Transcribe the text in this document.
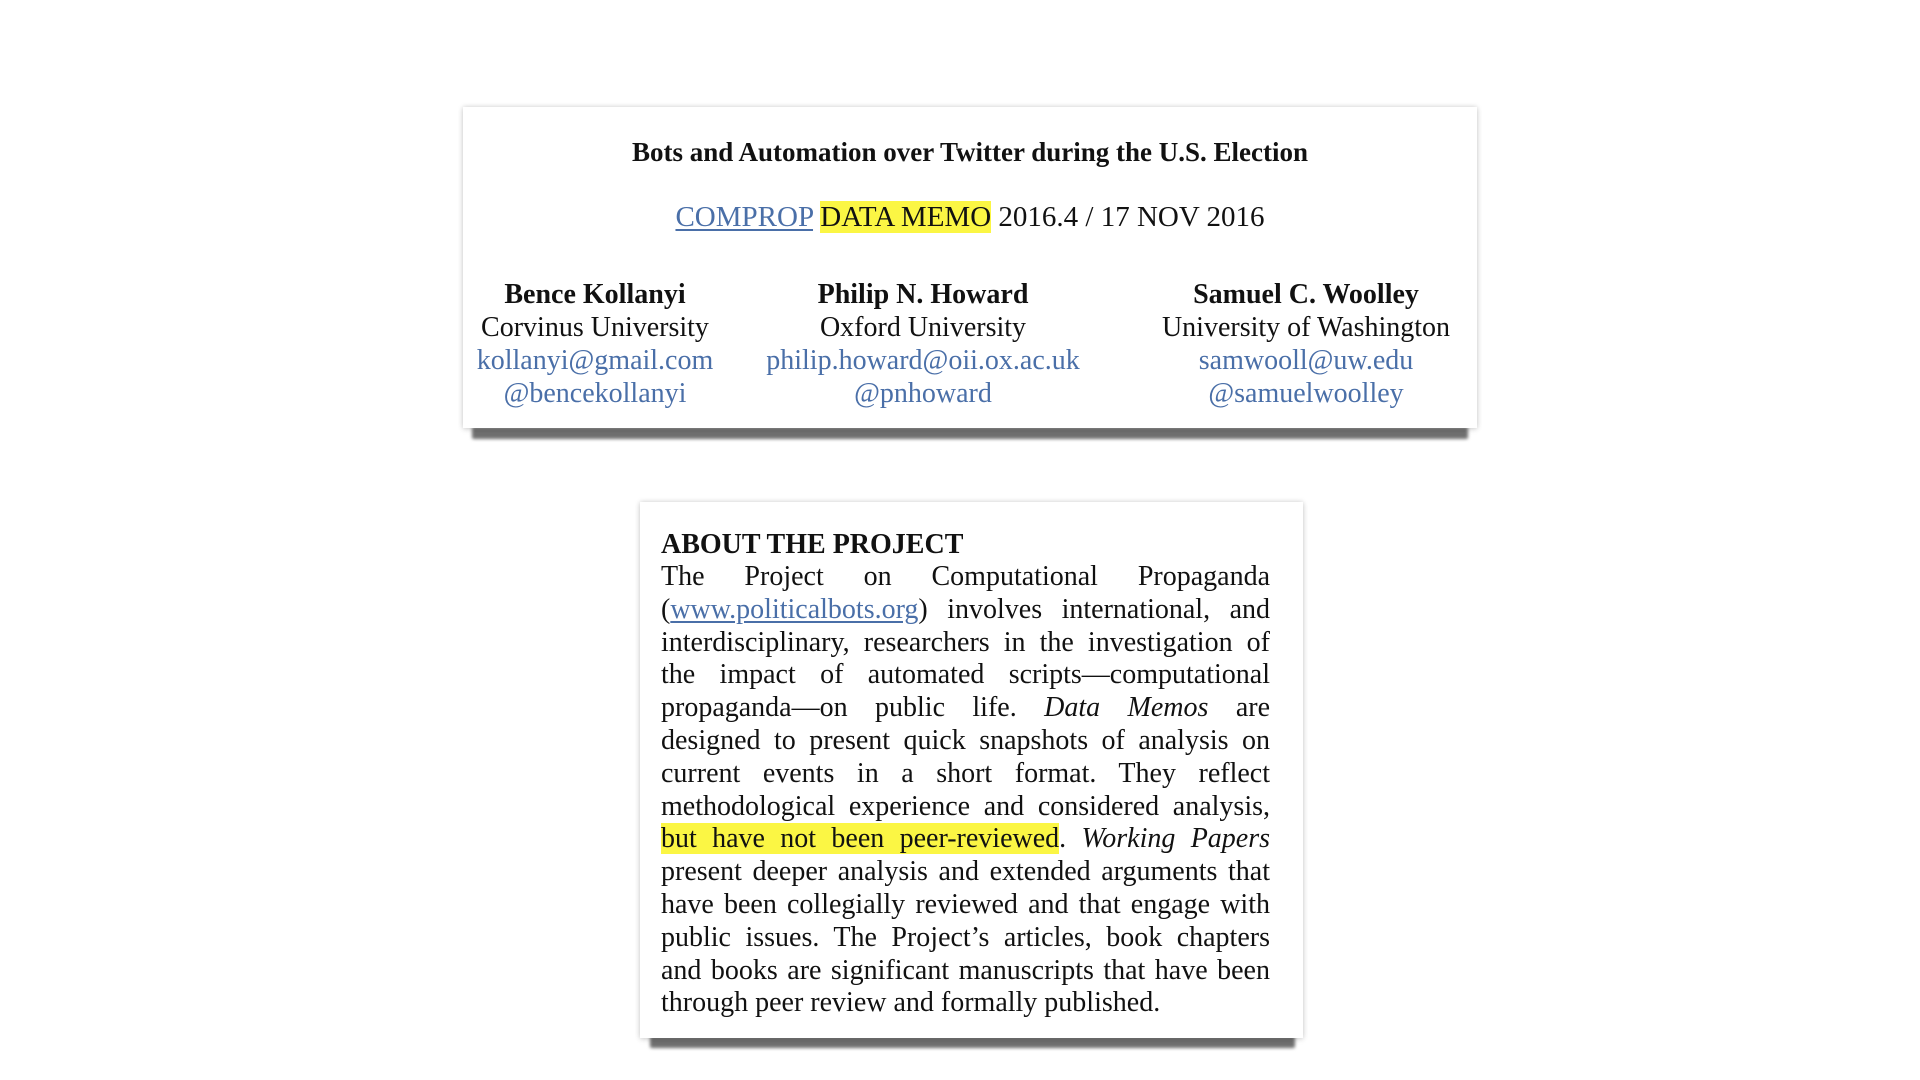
Bots and Automation over Twitter during the U.S. Election
COMPROP DATA MEMO 2016.4 / 17 NOV 2016
Bence Kollanyi
Corvinus University
kollanyi@gmail.com
@bencekollanyi
Philip N. Howard
Oxford University
philip.howard@oii.ox.ac.uk
@pnhoward
Samuel C. Woolley
University of Washington
samwooll@uw.edu
@samuelwoolley
ABOUT THE PROJECT
The Project on Computational Propaganda (www.politicalbots.org) involves international, and interdisciplinary, researchers in the investigation of the impact of automated scripts—computational propaganda—on public life. Data Memos are designed to present quick snapshots of analysis on current events in a short format. They reflect methodological experience and considered analysis, but have not been peer-reviewed. Working Papers present deeper analysis and extended arguments that have been collegially reviewed and that engage with public issues. The Project’s articles, book chapters and books are significant manuscripts that have been through peer review and formally published.
